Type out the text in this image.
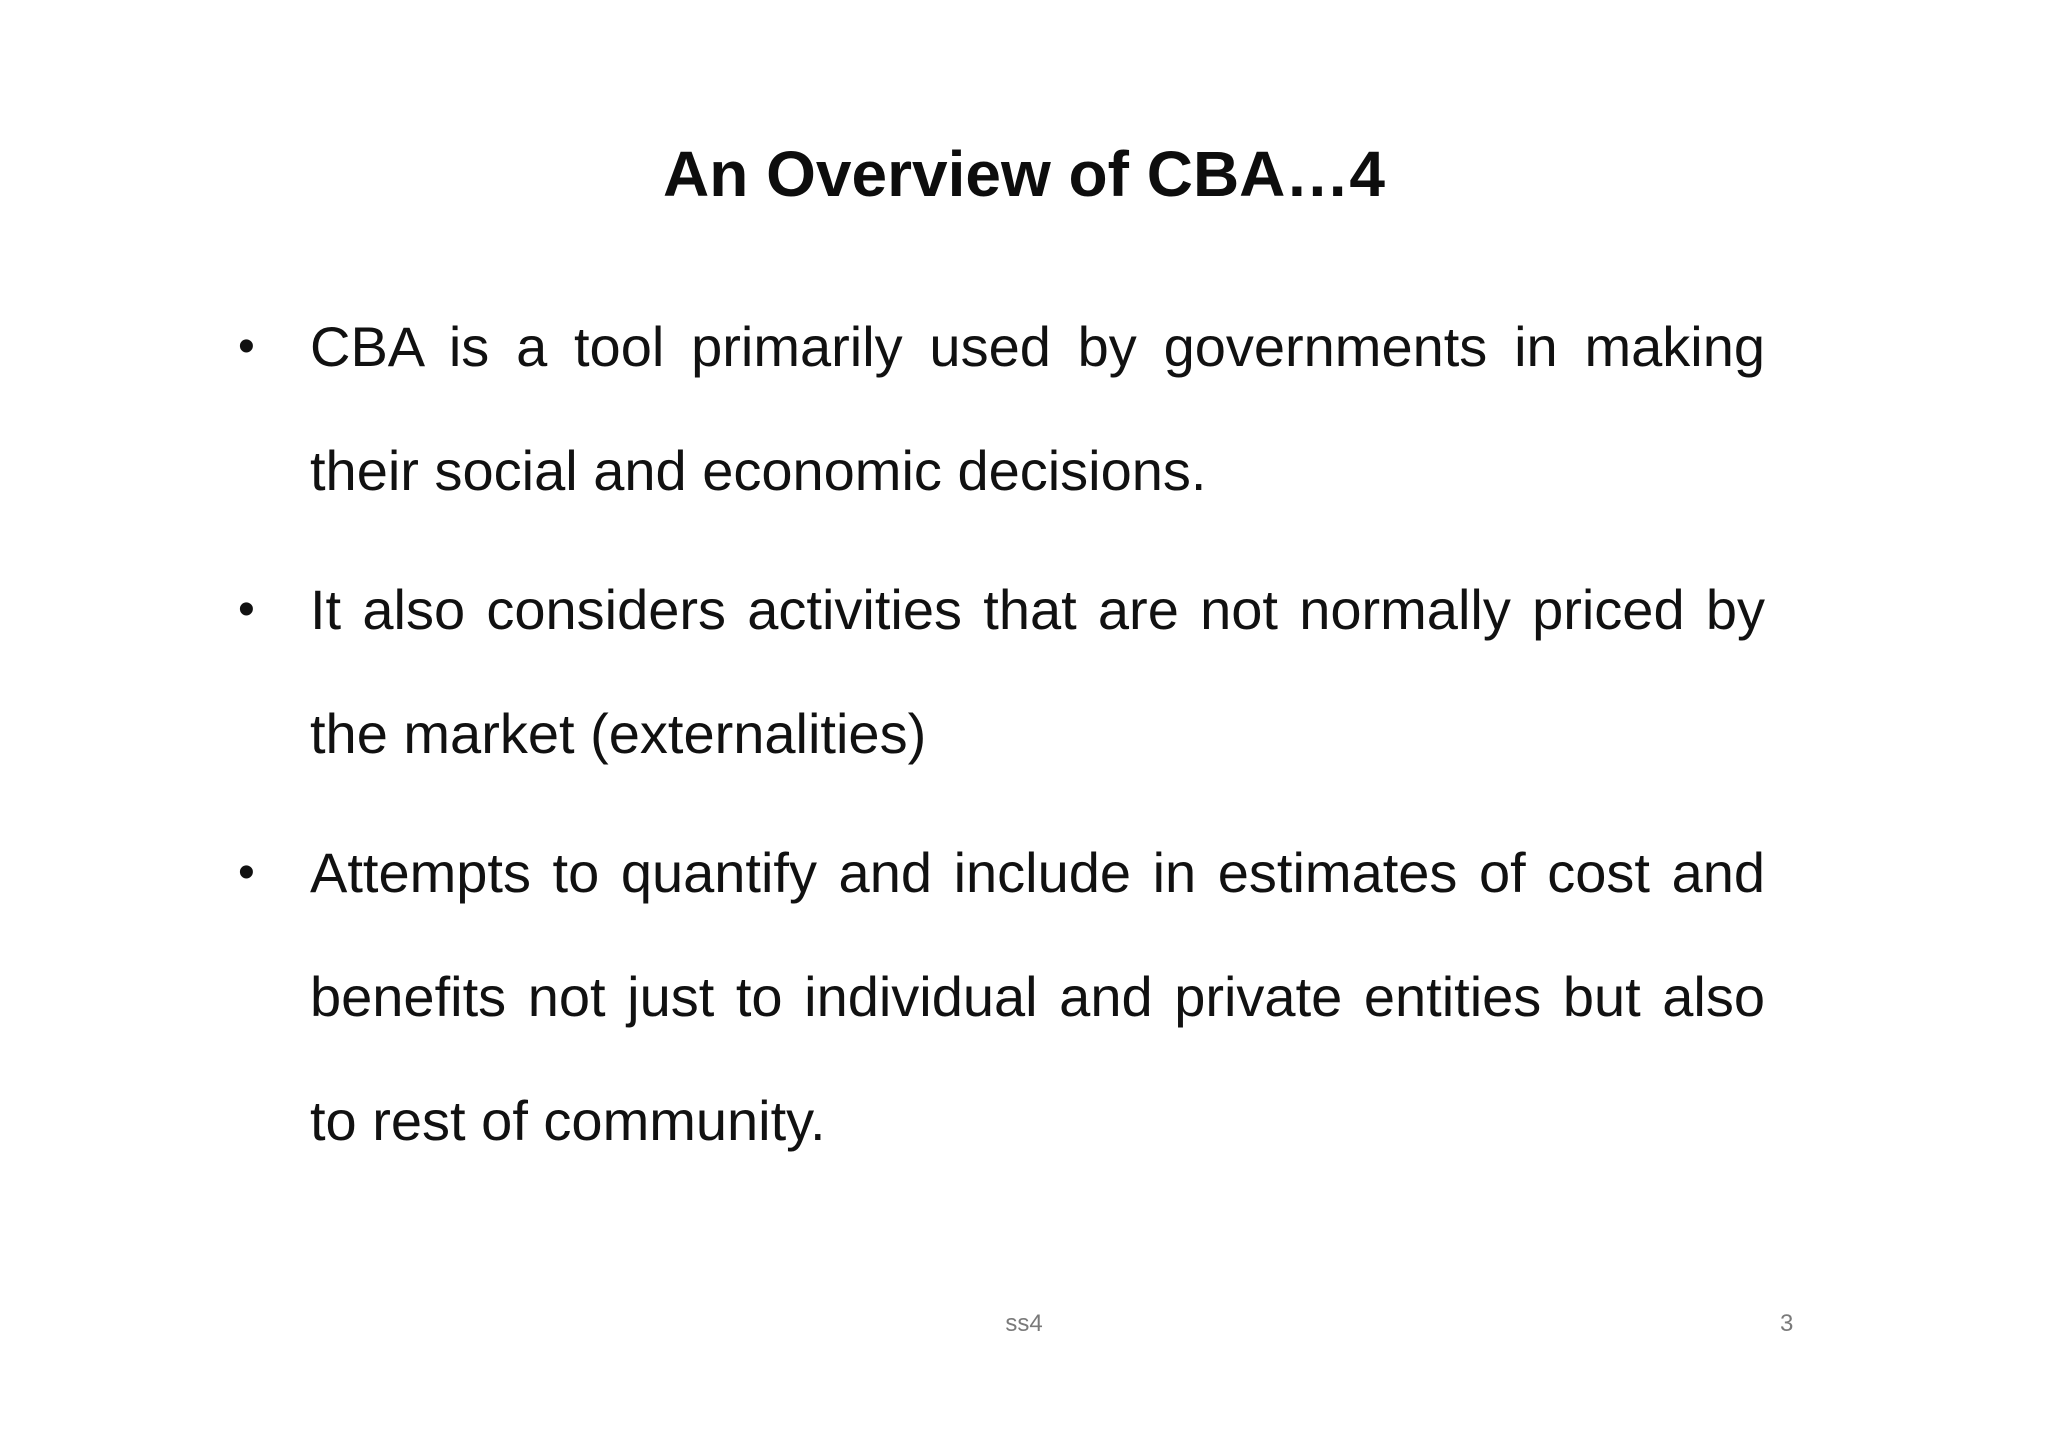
An Overview of CBA…4
• CBA is a tool primarily used by governments in making their social and economic decisions.
• It also considers activities that are not normally priced by the market (externalities)
• Attempts to quantify and include in estimates of cost and benefits not just to individual and private entities but also to rest of community.
ss4	3
